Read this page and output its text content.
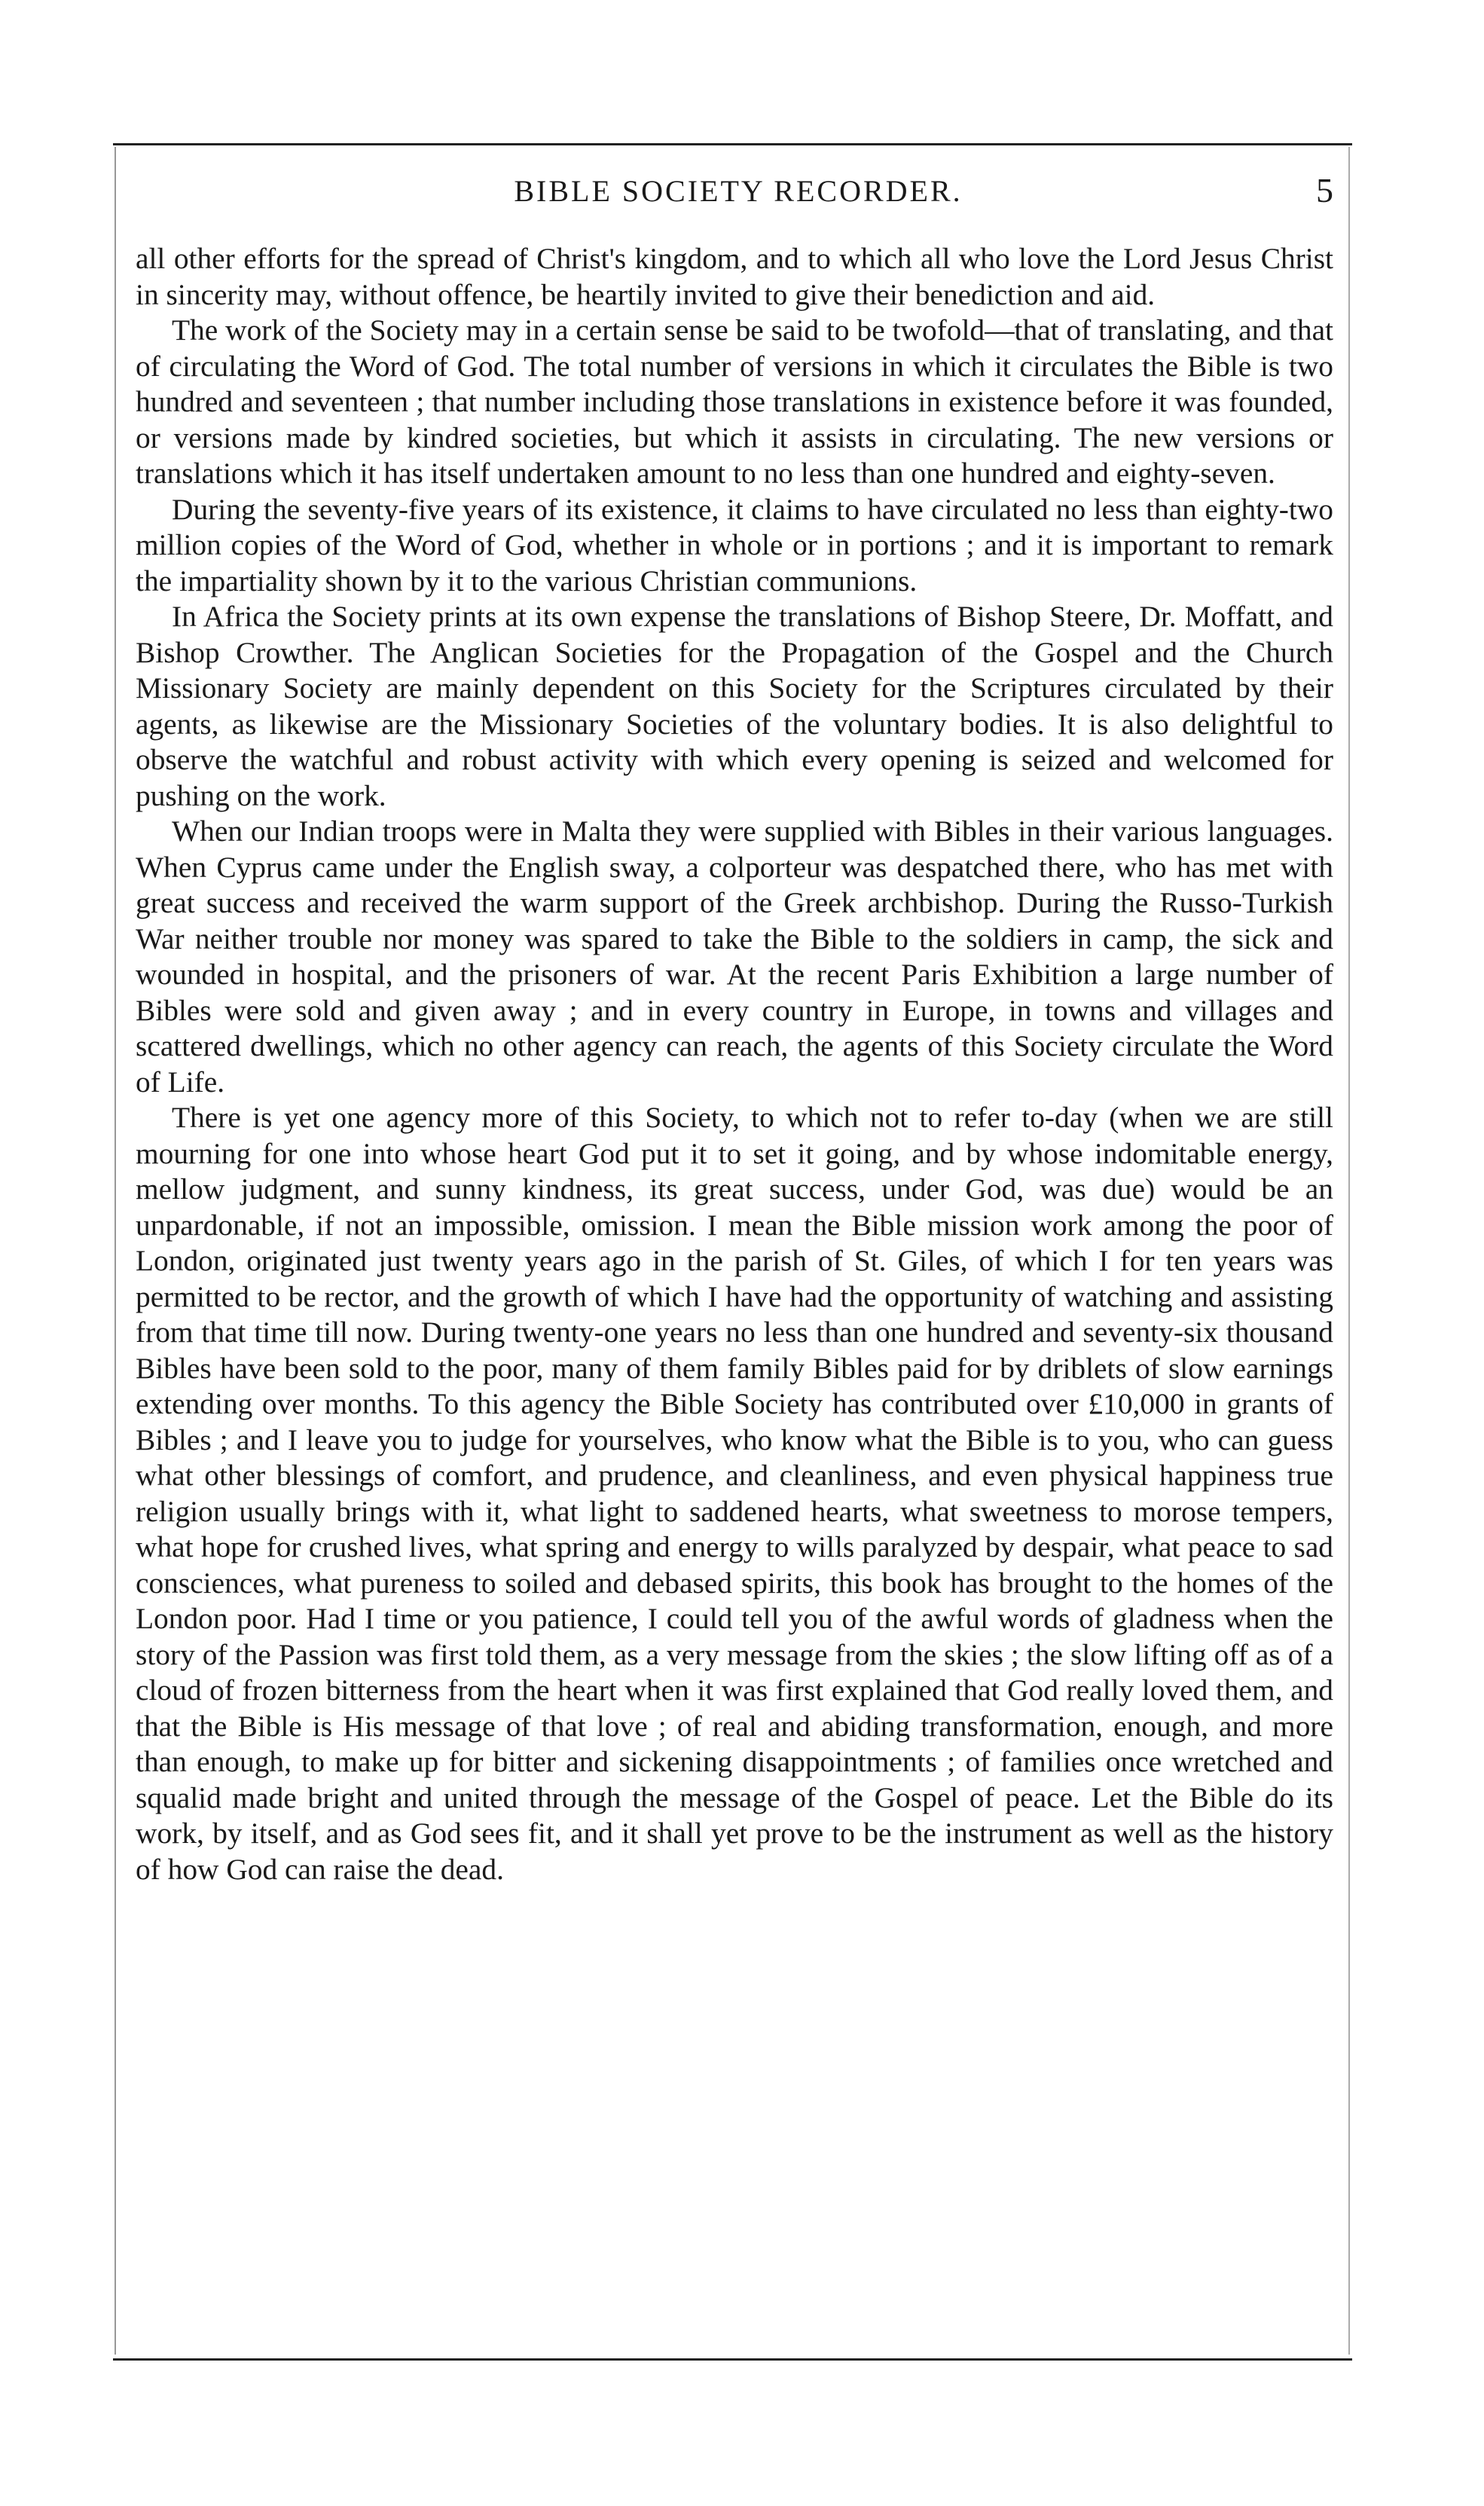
BIBLE SOCIETY RECORDER.	5

all other efforts for the spread of Christ's kingdom, and to which all who love the Lord Jesus Christ in sincerity may, without offence, be heartily invited to give their benediction and aid.

The work of the Society may in a certain sense be said to be twofold—that of translating, and that of circulating the Word of God. The total number of versions in which it circulates the Bible is two hundred and seventeen ; that number including those translations in existence before it was founded, or versions made by kindred societies, but which it assists in circulating. The new versions or translations which it has itself undertaken amount to no less than one hundred and eighty-seven.

During the seventy-five years of its existence, it claims to have circulated no less than eighty-two million copies of the Word of God, whether in whole or in portions ; and it is important to remark the impartiality shown by it to the various Christian communions.

In Africa the Society prints at its own expense the translations of Bishop Steere, Dr. Moffatt, and Bishop Crowther. The Anglican Societies for the Propagation of the Gospel and the Church Missionary Society are mainly dependent on this Society for the Scriptures circulated by their agents, as likewise are the Missionary Societies of the voluntary bodies. It is also delightful to observe the watchful and robust activity with which every opening is seized and welcomed for pushing on the work.

When our Indian troops were in Malta they were supplied with Bibles in their various languages. When Cyprus came under the English sway, a colporteur was despatched there, who has met with great success and received the warm support of the Greek archbishop. During the Russo-Turkish War neither trouble nor money was spared to take the Bible to the soldiers in camp, the sick and wounded in hospital, and the prisoners of war. At the recent Paris Exhibition a large number of Bibles were sold and given away ; and in every country in Europe, in towns and villages and scattered dwellings, which no other agency can reach, the agents of this Society circulate the Word of Life.

There is yet one agency more of this Society, to which not to refer to-day (when we are still mourning for one into whose heart God put it to set it going, and by whose indomitable energy, mellow judgment, and sunny kindness, its great success, under God, was due) would be an unpardonable, if not an impossible, omission. I mean the Bible mission work among the poor of London, originated just twenty years ago in the parish of St. Giles, of which I for ten years was permitted to be rector, and the growth of which I have had the opportunity of watching and assisting from that time till now. During twenty-one years no less than one hundred and seventy-six thousand Bibles have been sold to the poor, many of them family Bibles paid for by driblets of slow earnings extending over months. To this agency the Bible Society has contributed over £10,000 in grants of Bibles ; and I leave you to judge for yourselves, who know what the Bible is to you, who can guess what other blessings of comfort, and prudence, and cleanliness, and even physical happiness true religion usually brings with it, what light to saddened hearts, what sweetness to morose tempers, what hope for crushed lives, what spring and energy to wills paralyzed by despair, what peace to sad consciences, what pureness to soiled and debased spirits, this book has brought to the homes of the London poor. Had I time or you patience, I could tell you of the awful words of gladness when the story of the Passion was first told them, as a very message from the skies ; the slow lifting off as of a cloud of frozen bitterness from the heart when it was first explained that God really loved them, and that the Bible is His message of that love ; of real and abiding transformation, enough, and more than enough, to make up for bitter and sickening disappointments ; of families once wretched and squalid made bright and united through the message of the Gospel of peace. Let the Bible do its work, by itself, and as God sees fit, and it shall yet prove to be the instrument as well as the history of how God can raise the dead.
